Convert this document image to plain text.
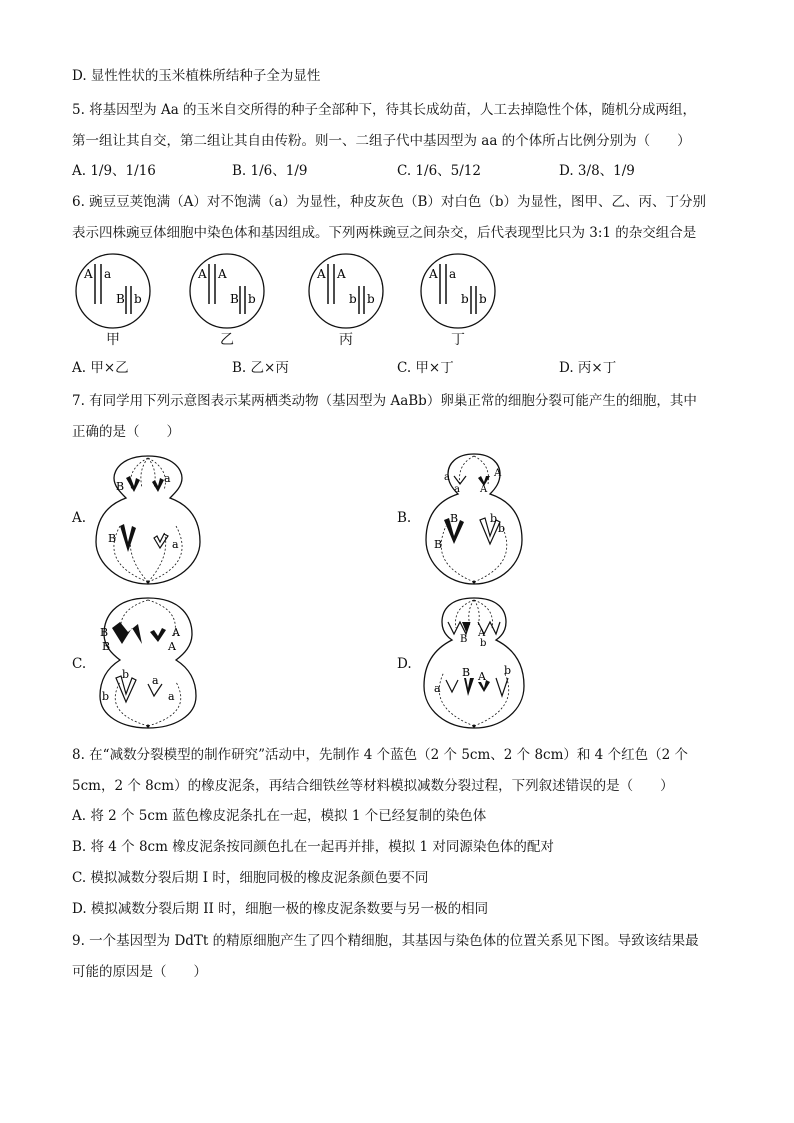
D. 显性性状的玉米植株所结种子全为显性
5. 将基因型为 Aa 的玉米自交所得的种子全部种下，待其长成幼苗，人工去掉隐性个体，随机分成两组，
第一组让其自交，第二组让其自由传粉。则一、二组子代中基因型为 aa 的个体所占比例分别为（　　）
A. 1/9、1/16	B. 1/6、1/9	C. 1/6、5/12	D. 3/8、1/9
6. 豌豆豆荚饱满（A）对不饱满（a）为显性，种皮灰色（B）对白色（b）为显性，图甲、乙、丙、丁分别
表示四株豌豆体细胞中染色体和基因组成。下列两株豌豆之间杂交，后代表现型比只为 3:1 的杂交组合是
A a
B b
甲
A A
B b
乙
A A
b b
丙
A a
b b
丁
A. 甲×乙	B. 乙×丙	C. 甲×丁	D. 丙×丁
7. 有同学用下列示意图表示某两栖类动物（基因型为 AaBb）卵巢正常的细胞分裂可能产生的细胞，其中
正确的是（　　）
A.
B
a
B	a
B.
a
a
A
A
B
B
b
b
C.
B
B
A
A
b
b
a
a
D.
B
A
b
a
B A b
8. 在“减数分裂模型的制作研究”活动中，先制作 4 个蓝色（2 个 5cm、2 个 8cm）和 4 个红色（2 个
5cm，2 个 8cm）的橡皮泥条，再结合细铁丝等材料模拟减数分裂过程，下列叙述错误的是（　　）
A. 将 2 个 5cm 蓝色橡皮泥条扎在一起，模拟 1 个已经复制的染色体
B. 将 4 个 8cm 橡皮泥条按同颜色扎在一起再并排，模拟 1 对同源染色体的配对
C. 模拟减数分裂后期 I 时，细胞同极的橡皮泥条颜色要不同
D. 模拟减数分裂后期 II 时，细胞一极的橡皮泥条数要与另一极的相同
9. 一个基因型为 DdTt 的精原细胞产生了四个精细胞，其基因与染色体的位置关系见下图。导致该结果最
可能的原因是（　　）
